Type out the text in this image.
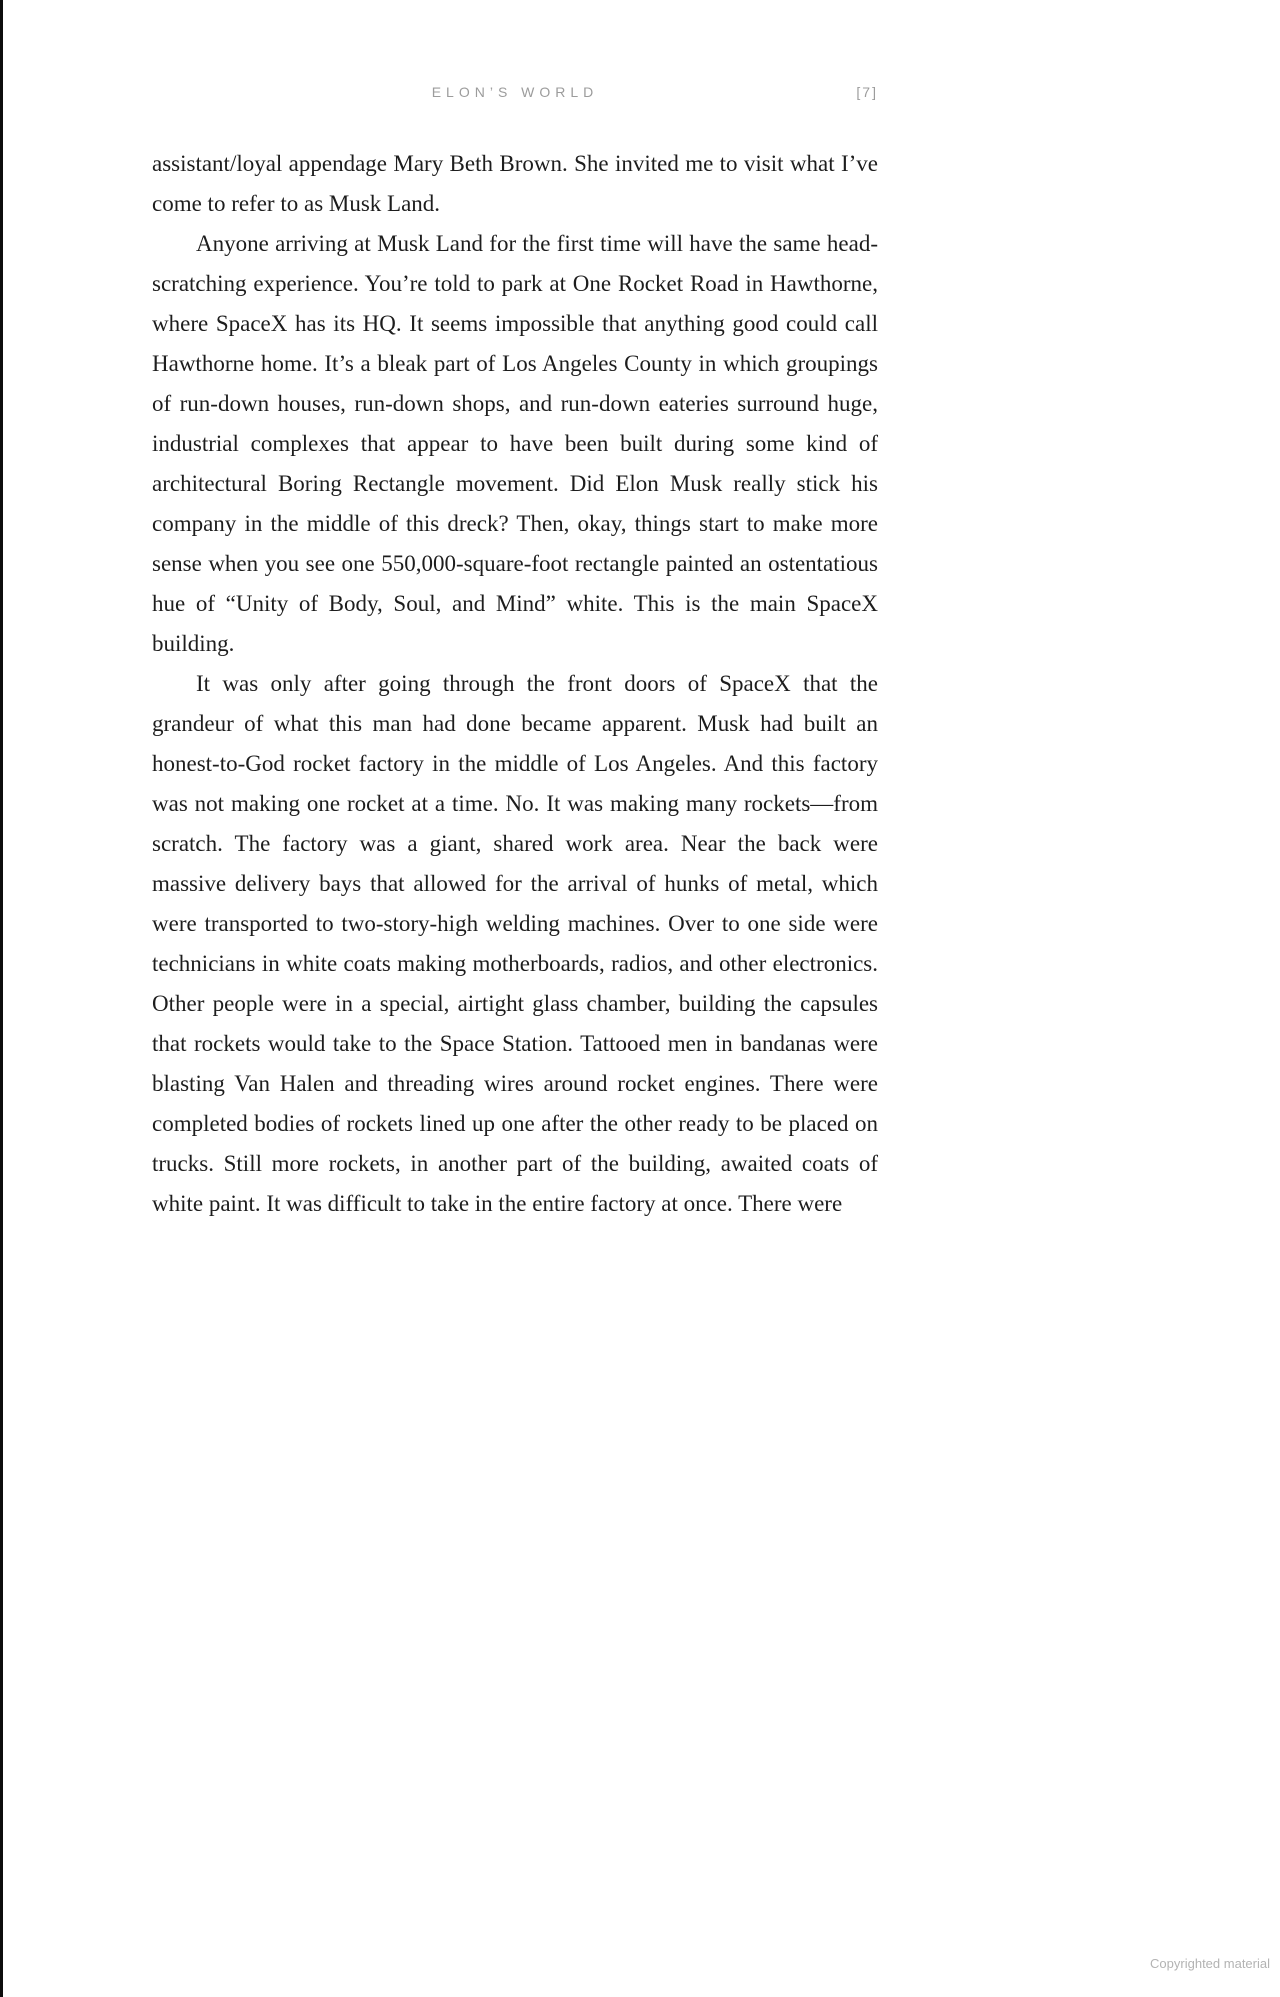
ELON’S WORLD	[7]

assistant/loyal appendage Mary Beth Brown. She invited me to visit what I’ve come to refer to as Musk Land.

Anyone arriving at Musk Land for the first time will have the same head-scratching experience. You’re told to park at One Rocket Road in Hawthorne, where SpaceX has its HQ. It seems impossible that anything good could call Hawthorne home. It’s a bleak part of Los Angeles County in which groupings of run-down houses, run-down shops, and run-down eateries surround huge, industrial complexes that appear to have been built during some kind of architectural Boring Rectangle movement. Did Elon Musk really stick his company in the middle of this dreck? Then, okay, things start to make more sense when you see one 550,000-square-foot rectangle painted an ostentatious hue of “Unity of Body, Soul, and Mind” white. This is the main SpaceX building.

It was only after going through the front doors of SpaceX that the grandeur of what this man had done became apparent. Musk had built an honest-to-God rocket factory in the middle of Los Angeles. And this factory was not making one rocket at a time. No. It was making many rockets—from scratch. The factory was a giant, shared work area. Near the back were massive delivery bays that allowed for the arrival of hunks of metal, which were transported to two-story-high welding machines. Over to one side were technicians in white coats making motherboards, radios, and other electronics. Other people were in a special, airtight glass chamber, building the capsules that rockets would take to the Space Station. Tattooed men in bandanas were blasting Van Halen and threading wires around rocket engines. There were completed bodies of rockets lined up one after the other ready to be placed on trucks. Still more rockets, in another part of the building, awaited coats of white paint. It was difficult to take in the entire factory at once. There were

Copyrighted material
